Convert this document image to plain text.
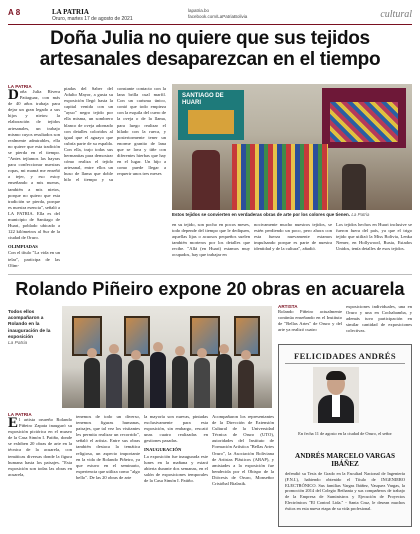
A 8	LA PATRIA
Oruro, martes 17 de agosto de 2021
lapatria.bo
facebook.com/LaPatriaBolivia	cultural
Doña Julia no quiere que sus tejidos artesanales desaparezcan en el tiempo
LA PATRIA
D oña Julia Rivera Patiaguaz, con más de 40 años trabaja para dejar un gran legado a sus hijos y nietos: la elaboración de tejidos artesanales, un trabajo mismo cuyos resultados son realmente admirables, ella no quiere que esta tradición se pierda en el tiempo. "Antes tejíamos las hayras para confeccionar nuestras ropas, mi mamá me enseñó a tejer, y eso estoy enseñando a mis nueras, también a mis nietos, porque no quiero que esta tradición se pierda, porque es nuestra esencia", señaló a LA PATRIA. Ella es del municipio de Santiago de Huari, poblado ubicado a 122 kilómetros al Sur de la ciudad de Oruro.
OLIMPIADAS
Con el título "La vida en un telar", participa de las Olim-
piadas del Saber del Adulto Mayor, a gusta su exposición llegó hasta la capital venida con un "ayuo" negro tejido por ella misma, un sombrero blanco de oveja adornado con detalles coloridos al igual que el aguayo que cubría parte de su espalda. Con ella, trajo todas sus hermanitas para demostrar cómo realiza el tejido artesanal, entre ellos un huso de llama que doble hilo el tiempo y su constante contacto con la lana brilla cual marfil. Con un carisma único, contó que todo empieza con la esquila del cuero de la oveja o de la llama, para luego realizar el hilado con la rueca, y posteriormente tener un enorme granito de lana que se lava y tiñe con diferentes hierbas que hay en el lugar. Un hijo a como puede llegar a requerir unos tres meses
SANTIAGO DE HUARI
Estos tejidos se convierten en verdaderas obras de arte por los colores que tienen. La Patria
en su tejido, son pocho en pocos meses, todo depende del tiempo que le dediquen, aquellas lijas o acuosos pequeños suelen también morteros por los detalles que recibe. "Allá (en Huari) estamos muy ocupados, hay que trabajar en
nocivamente mucho nuestros tejidos, se estén perdiendo un poco, pero ahora con esta fuerza nuevamente estamos impulsando porque es parte de nuestra identidad y de la cultura", añadió.
Los tejidos hechos en Huari inclusive se fueron fuera del país, ya que el trigo tejido que utilizó la Miss Bolivia, Lenka Nemer, en Hollywood, Rusia, Estados Unidos, tenía detalles de esos tejidos.
Rolando Piñeiro expone 20 obras en acuarela
Todos ellos acompañaron a Rolando en la inauguración de la exposición
La Patria
ARTISTA
Rolando Piñeiro actualmente continúa enseñando en el Instituto de "Bellas Artes" de Oruro y del arte ya realizó cuatro
exposiciones individuales, una en Oruro y una en Cochabamba, y además tuvo participación en similar cantidad de exposiciones colectivas.
LA PATRIA
E l artista orureño Rolando Piñeiro Zapata inauguró su exposición pictórica en el museo de la Casa Simón I. Patiño, donde se exhiben 20 obras de arte en la técnica de la acuarela, con temáticas diversas donde la figura humana hasta los paisajes. "Esta exposición son todas las obras en acuarela,
tenemos de todo un diverso, tenemos figuras humanas, paisajes, que tal vez los visitantes les permita realizar un recorrido", señaló el artista. Entre sus obras también destaca la temática religiosa, un aspecto importante en la vida de Rolando Piñeiro, ya que estuvo en el seminario, experiencia que utiliza como "algo bello". De las 20 obras de arte
la mayoría son nuevas, pintadas exclusivamente para esta exposición, sin embargo, rescató unas cuatro realizadas en gestiones pasadas.
INAUGURACIÓN
La exposición fue inaugurada este lunes en la mañana y estará abierta durante dos semanas, en el salón de exposiciones temporales de la Casa Simón I. Patiño.
Acompañaron los representantes de la Dirección de Extensión Cultural de la Universidad Técnica de Oruro (UTO), autoridades del Instituto de Formación Artística "Bellas Artes Oruro", la Asociación Boliviana de Artistas Plásticos (ABAP), y amistades a la exposición fue bendecida por el Obispo de la Diócesis de Oruro, Monseñor Cristóbal Bialasik.
FELICIDADES ANDRÉS
En fecha 11 de agosto en la ciudad de Oruro, el señor
ANDRÉS MARCELO VARGAS IBÁÑEZ
defendió su Tesis de Grado en la Facultad Nacional de Ingeniería (F.N.I.), habiendo obtenido el Título de INGENIERO ELECTRÓNICO. Sus familias Vargas Ibáñez, Vasquez Vargas, la promoción 2014 del Colegio Bethania y sus compañeros de trabajo de la Empresa de Suministros y Ejecución de Proyectos Electrónicos "EI Control Ltda." - Santa Cruz, le desean muchos éxitos en esta nueva etapa de su vida profesional.
